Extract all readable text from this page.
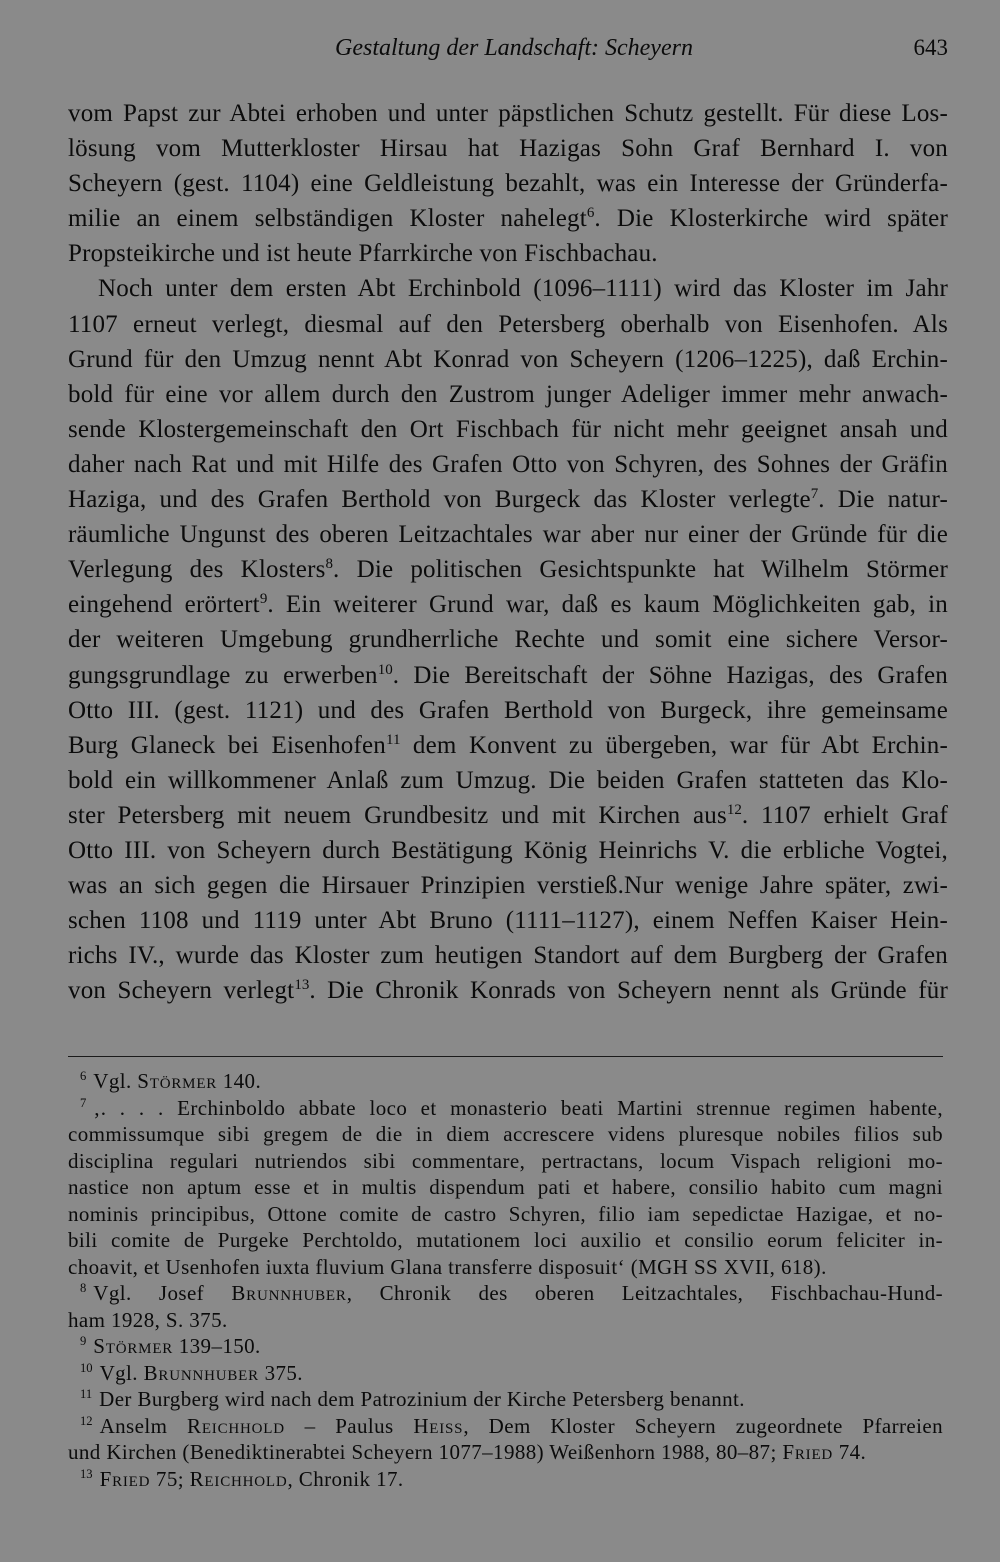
Gestaltung der Landschaft: Scheyern	643
vom Papst zur Abtei erhoben und unter päpstlichen Schutz gestellt. Für diese Los-
lösung vom Mutterkloster Hirsau hat Hazigas Sohn Graf Bernhard I. von
Scheyern (gest. 1104) eine Geldleistung bezahlt, was ein Interesse der Gründerfa-
milie an einem selbständigen Kloster nahelegt$^6$. Die Klosterkirche wird später
Propsteikirche und ist heute Pfarrkirche von Fischbachau.
Noch unter dem ersten Abt Erchinbold (1096–1111) wird das Kloster im Jahr
1107 erneut verlegt, diesmal auf den Petersberg oberhalb von Eisenhofen. Als
Grund für den Umzug nennt Abt Konrad von Scheyern (1206–1225), daß Erchin-
bold für eine vor allem durch den Zustrom junger Adeliger immer mehr anwach-
sende Klostergemeinschaft den Ort Fischbach für nicht mehr geeignet ansah und
daher nach Rat und mit Hilfe des Grafen Otto von Schyren, des Sohnes der Gräfin
Haziga, und des Grafen Berthold von Burgeck das Kloster verlegte$^7$. Die natur-
räumliche Ungunst des oberen Leitzachtales war aber nur einer der Gründe für die
Verlegung des Klosters$^8$. Die politischen Gesichtspunkte hat Wilhelm Störmer
eingehend erörtert$^9$. Ein weiterer Grund war, daß es kaum Möglichkeiten gab, in
der weiteren Umgebung grundherrliche Rechte und somit eine sichere Versor-
gungsgrundlage zu erwerben$^{10}$. Die Bereitschaft der Söhne Hazigas, des Grafen
Otto III. (gest. 1121) und des Grafen Berthold von Burgeck, ihre gemeinsame
Burg Glaneck bei Eisenhofen$^{11}$ dem Konvent zu übergeben, war für Abt Erchin-
bold ein willkommener Anlaß zum Umzug. Die beiden Grafen statteten das Klo-
ster Petersberg mit neuem Grundbesitz und mit Kirchen aus$^{12}$. 1107 erhielt Graf
Otto III. von Scheyern durch Bestätigung König Heinrichs V. die erbliche Vogtei,
was an sich gegen die Hirsauer Prinzipien verstieß.Nur wenige Jahre später, zwi-
schen 1108 und 1119 unter Abt Bruno (1111–1127), einem Neffen Kaiser Hein-
richs IV., wurde das Kloster zum heutigen Standort auf dem Burgberg der Grafen
von Scheyern verlegt$^{13}$. Die Chronik Konrads von Scheyern nennt als Gründe für
$^6$ Vgl. Störmer 140.
$^7$ ‚. . . . Erchinboldo abbate loco et monasterio beati Martini strennue regimen habente,
commissumque sibi gregem de die in diem accrescere videns pluresque nobiles filios sub
disciplina regulari nutriendos sibi commentare, pertractans, locum Vispach religioni mo-
nastice non aptum esse et in multis dispendum pati et habere, consilio habito cum magni
nominis principibus, Ottone comite de castro Schyren, filio iam sepedictae Hazigae, et no-
bili comite de Purgeke Perchtoldo, mutationem loci auxilio et consilio eorum feliciter in-
choavit, et Usenhofen iuxta fluvium Glana transferre disposuit‘ (MGH SS XVII, 618).
$^8$ Vgl. Josef Brunnhuber, Chronik des oberen Leitzachtales, Fischbachau-Hund-
ham 1928, S. 375.
$^9$ Störmer 139–150.
$^{10}$ Vgl. Brunnhuber 375.
$^{11}$ Der Burgberg wird nach dem Patrozinium der Kirche Petersberg benannt.
$^{12}$ Anselm Reichhold – Paulus Heiss, Dem Kloster Scheyern zugeordnete Pfarreien
und Kirchen (Benediktinerabtei Scheyern 1077–1988) Weißenhorn 1988, 80–87; Fried 74.
$^{13}$ Fried 75; Reichhold, Chronik 17.
